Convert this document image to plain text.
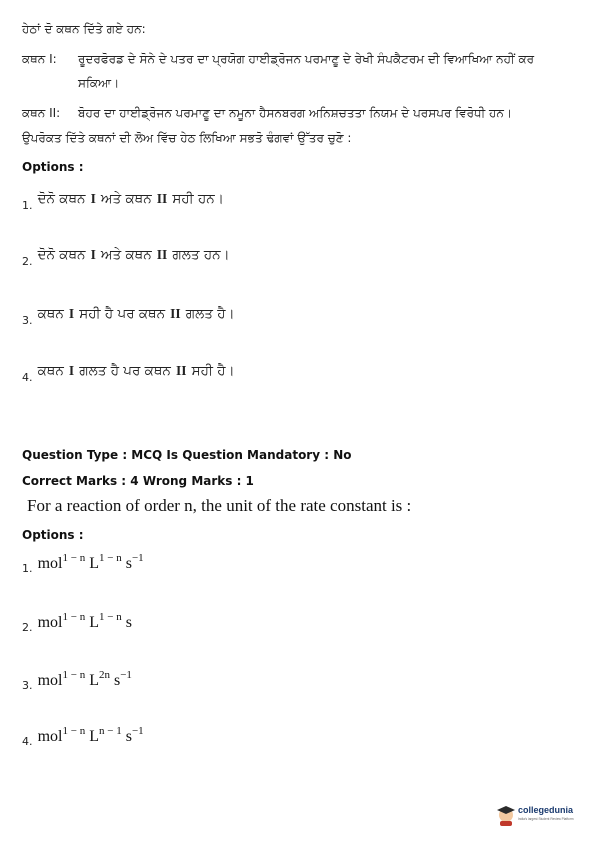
ਹੇਠਾਂ ਦੋ ਕਥਨ ਦਿੱਤੇ ਗਏ ਹਨ:
ਕਥਨ I: ਰੂਦਰਫੋਰਡ ਦੇ ਸੋਨੇ ਦੇ ਪਤਰ ਦਾ ਪ੍ਰਯੋਗ ਹਾਈਡ੍ਰੋਜਨ ਪਰਮਾਣੂ ਦੇ ਰੇਖੀ ਸੰਪਕੈਟਰਮ ਦੀ ਵਿਆਖਿਆ ਨਹੀਂ ਕਰ
ਸਕਿਆ।
ਕਥਨ II: ਬੋਹਰ ਦਾ ਹਾਈਡ੍ਰੋਜਨ ਪਰਮਾਣੂ ਦਾ ਨਮੂਨਾ ਹੈਸਨਬਰਗ ਅਨਿਸ਼ਚਤਤਾ ਨਿਯਮ ਦੇ ਪਰਸਪਰ ਵਿਰੋਧੀ ਹਨ।
ਉਪਰੋਕਤ ਦਿੱਤੇ ਕਥਨਾਂ ਦੀ ਲੋਅ ਵਿੱਚ ਹੇਠ ਲਿਖਿਆ ਸਭਤੋ ਢੰਗਵਾਂ ਉੱਤਰ ਚੁਣੋ :
Options :
$_{1.}$ ਦੋਨੋ ਕਥਨ I ਅਤੇ ਕਥਨ II ਸਹੀ ਹਨ।
$_{2.}$ ਦੋਨੋ ਕਥਨ I ਅਤੇ ਕਥਨ II ਗਲਤ ਹਨ।
$_{3.}$ ਕਥਨ I ਸਹੀ ਹੈ ਪਰ ਕਥਨ II ਗਲਤ ਹੈ।
$_{4.}$ ਕਥਨ I ਗਲਤ ਹੈ ਪਰ ਕਥਨ II ਸਹੀ ਹੈ।
Question Type : MCQ Is Question Mandatory : No
Correct Marks : 4 Wrong Marks : 1
For a reaction of order n, the unit of the rate constant is :
Options :
$_{1.}$ mol$^{1 - n}$ $L^{1 - n}$ $s^{-1}$
$_{2.}$ mol$^{1 - n}$ $L^{1 - n}$ s
$_{3.}$ mol$^{1 - n}$ $L^{2n}$ $s^{-1}$
$_{4.}$ mol$^{1 - n}$ $L^{n - 1}$ $s^{-1}$
collegedunia
India's largest Student Review Platform
